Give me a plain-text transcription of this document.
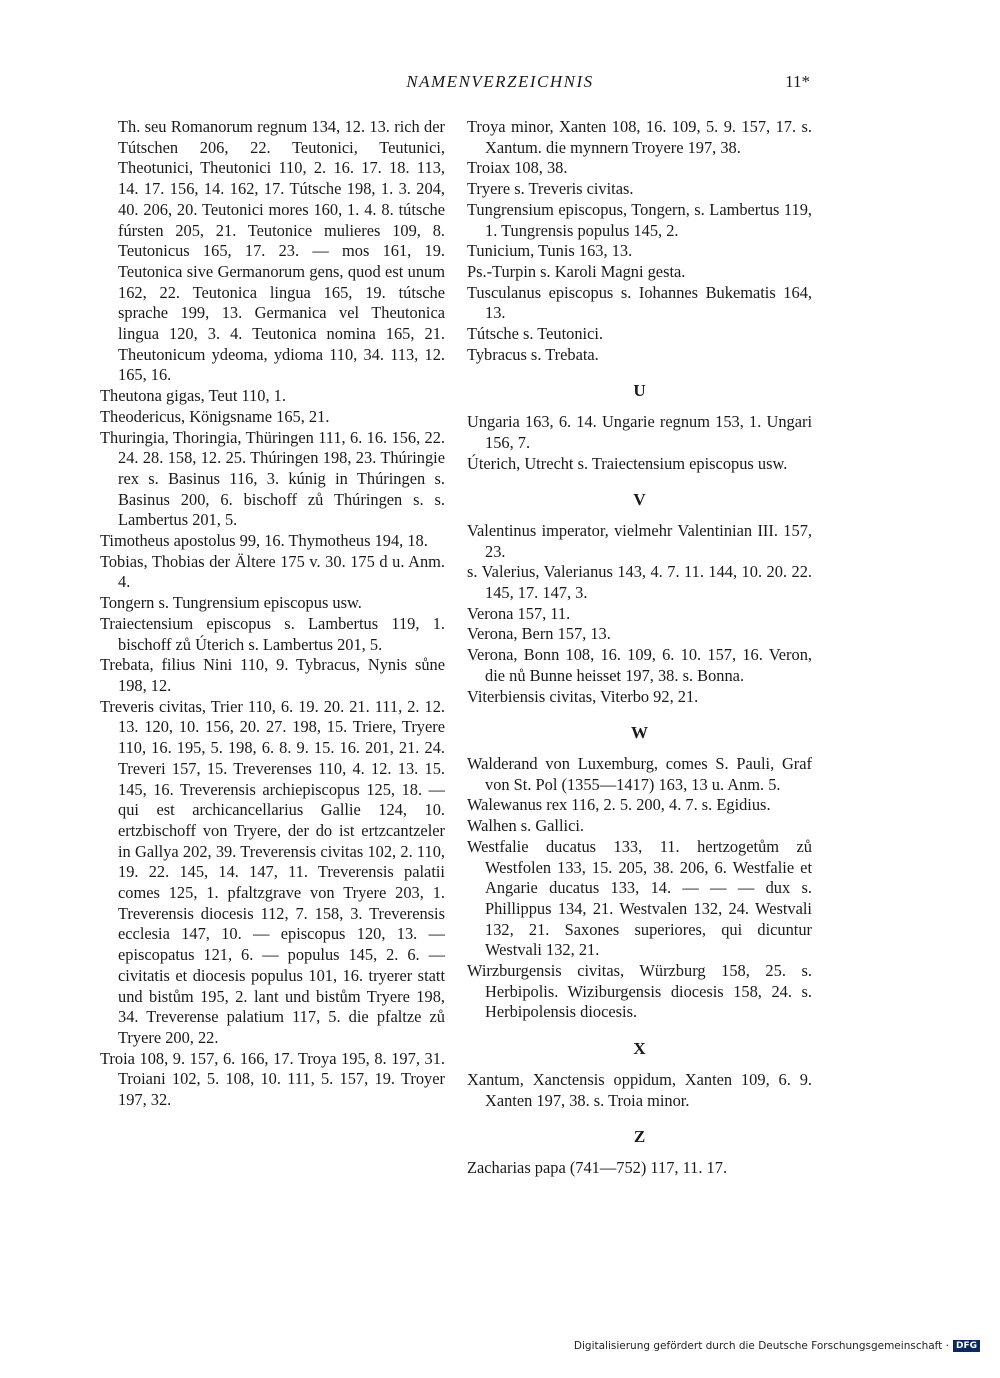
NAMENVERZEICHNIS	11*
Th. seu Romanorum regnum 134, 12. 13. rich der Tútschen 206, 22. Teutonici, Teutunici, Theotunici, Theutonici 110, 2. 16. 17. 18. 113, 14. 17. 156, 14. 162, 17. Tútsche 198, 1. 3. 204, 40. 206, 20. Teutonici mores 160, 1. 4. 8. tútsche fúrsten 205, 21. Teutonice mulieres 109, 8. Teutonicus 165, 17. 23. — mos 161, 19. Teutonica sive Germanorum gens, quod est unum 162, 22. Teutonica lingua 165, 19. tútsche sprache 199, 13. Germanica vel Theutonica lingua 120, 3. 4. Teutonica nomina 165, 21. Theutonicum ydeoma, ydioma 110, 34. 113, 12. 165, 16.
Theutona gigas, Teut 110, 1.
Theodericus, Königsname 165, 21.
Thuringia, Thoringia, Thüringen 111, 6. 16. 156, 22. 24. 28. 158, 12. 25. Thúringen 198, 23. Thúringie rex s. Basinus 116, 3. kúnig in Thúringen s. Basinus 200, 6. bischoff zů Thúringen s. s. Lambertus 201, 5.
Timotheus apostolus 99, 16. Thymotheus 194, 18.
Tobias, Thobias der Ältere 175 v. 30. 175 d u. Anm. 4.
Tongern s. Tungrensium episcopus usw.
Traiectensium episcopus s. Lambertus 119, 1. bischoff zů Úterich s. Lambertus 201, 5.
Trebata, filius Nini 110, 9. Tybracus, Nynis sůne 198, 12.
Treveris civitas, Trier 110, 6. 19. 20. 21. 111, 2. 12. 13. 120, 10. 156, 20. 27. 198, 15. Triere, Tryere 110, 16. 195, 5. 198, 6. 8. 9. 15. 16. 201, 21. 24. Treveri 157, 15. Treverenses 110, 4. 12. 13. 15. 145, 16. Treverensis archiepiscopus 125, 18. — qui est archicancellarius Gallie 124, 10. ertzbischoff von Tryere, der do ist ertzcantzeler in Gallya 202, 39. Treverensis civitas 102, 2. 110, 19. 22. 145, 14. 147, 11. Treverensis palatii comes 125, 1. pfaltzgrave von Tryere 203, 1. Treverensis diocesis 112, 7. 158, 3. Treverensis ecclesia 147, 10. — episcopus 120, 13. — episcopatus 121, 6. — populus 145, 2. 6. — civitatis et diocesis populus 101, 16. tryerer statt und bistům 195, 2. lant und bistům Tryere 198, 34. Treverense palatium 117, 5. die pfaltze zů Tryere 200, 22.
Troia 108, 9. 157, 6. 166, 17. Troya 195, 8. 197, 31. Troiani 102, 5. 108, 10. 111, 5. 157, 19. Troyer 197, 32.
Troya minor, Xanten 108, 16. 109, 5. 9. 157, 17. s. Xantum. die mynnern Troyere 197, 38.
Troiax 108, 38.
Tryere s. Treveris civitas.
Tungrensium episcopus, Tongern, s. Lambertus 119, 1. Tungrensis populus 145, 2.
Tunicium, Tunis 163, 13.
Ps.-Turpin s. Karoli Magni gesta.
Tusculanus episcopus s. Iohannes Bukematis 164, 13.
Tútsche s. Teutonici.
Tybracus s. Trebata.
U
Ungaria 163, 6. 14. Ungarie regnum 153, 1. Ungari 156, 7.
Úterich, Utrecht s. Traiectensium episcopus usw.
V
Valentinus imperator, vielmehr Valentinian III. 157, 23.
s. Valerius, Valerianus 143, 4. 7. 11. 144, 10. 20. 22. 145, 17. 147, 3.
Verona 157, 11.
Verona, Bern 157, 13.
Verona, Bonn 108, 16. 109, 6. 10. 157, 16. Veron, die nů Bunne heisset 197, 38. s. Bonna.
Viterbiensis civitas, Viterbo 92, 21.
W
Walderand von Luxemburg, comes S. Pauli, Graf von St. Pol (1355—1417) 163, 13 u. Anm. 5.
Walewanus rex 116, 2. 5. 200, 4. 7. s. Egidius.
Walhen s. Gallici.
Westfalie ducatus 133, 11. hertzogetům zů Westfolen 133, 15. 205, 38. 206, 6. Westfalie et Angarie ducatus 133, 14. — — — dux s. Phillippus 134, 21. Westvalen 132, 24. Westvali 132, 21. Saxones superiores, qui dicuntur Westvali 132, 21.
Wirzburgensis civitas, Würzburg 158, 25. s. Herbipolis. Wiziburgensis diocesis 158, 24. s. Herbipolensis diocesis.
X
Xantum, Xanctensis oppidum, Xanten 109, 6. 9. Xanten 197, 38. s. Troia minor.
Z
Zacharias papa (741—752) 117, 11. 17.
Digitalisierung gefördert durch die Deutsche Forschungsgemeinschaft · DFG
